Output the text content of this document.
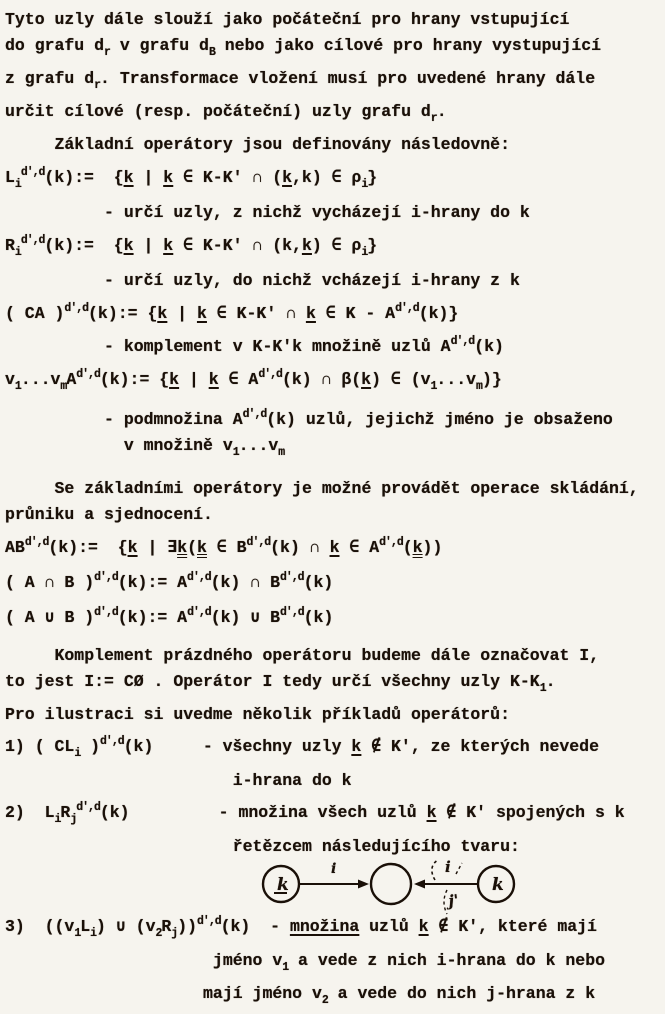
Tyto uzly dále slouží jako počáteční pro hrany vstupující
do grafu $d_r$ v grafu $d_B$ nebo jako cílové pro hrany vystupující
z grafu $d_r$. Transformace vložení musí pro uvedené hrany dále
určit cílové (resp. počáteční) uzly grafu $d_r$.
Základní operátory jsou definovány následovně:
$L_i^{d',d}(k):= \{k$ | k ∈ K-K' ∩ (k,k) ∈ $\rho_i$}
- určí uzly, z nichž vycházejí i-hrany do k
$R_i^{d',d}(k):= \{k$ | k ∈ K-K' ∩ (k,k) ∈ $\rho_i$}
- určí uzly, do nichž vcházejí i-hrany z k
( CA )$^{d',d}$(k):= {k | k ∈ K-K' ∩ k ∈ K - $A^{d',d}(k)$}
- komplement v K-K'k množině uzlů $A^{d',d}(k)$
$v_1...v_mA^{d',d}(k):= \{k$ | k ∈ $A^{d',d}(k)$ ∩ β(k) ∈ $(v_1...v_m)$}
- podmnožina $A^{d',d}(k)$ uzlů, jejichž jméno je obsaženo
v množině $v_1...v_m$
Se základními operátory je možné provádět operace skládání,
průniku a sjednocení.
$AB^{d',d}(k):= \{k$ | ∃k(k ∈ $B^{d',d}(k)$ ∩ k ∈ $A^{d',d}(k)$)
( A ∩ B )$^{d',d}$(k):= $A^{d',d}(k)$ ∩ $B^{d',d}(k)$
( A ∪ B )$^{d',d}$(k):= $A^{d',d}(k)$ ∪ $B^{d',d}(k)$
Komplement prázdného operátoru budeme dále označovat I,
to jest I:= CØ . Operátor I tedy určí všechny uzly $K-K_1$.
Pro ilustraci si uvedme několik příkladů operátorů:
1) ( $CL_i$ )$^{d',d}$(k)     - všechny uzly k ∉ K', ze kterých nevede
i-hrana do k
2)  $L_iR_j^{d',d}(k)$         - množina všech uzlů k ∉ K' spojených s k
řetězcem následujícího tvaru:
k	k
i	i
j'
3)  ($(v_1L_i)$ ∪ $(v_2R_j))^{d',d}(k)$  - množina uzlů k ∉ K', které mají
jméno $v_1$ a vede z nich i-hrana do k nebo
mají jméno $v_2$ a vede do nich j-hrana z k
